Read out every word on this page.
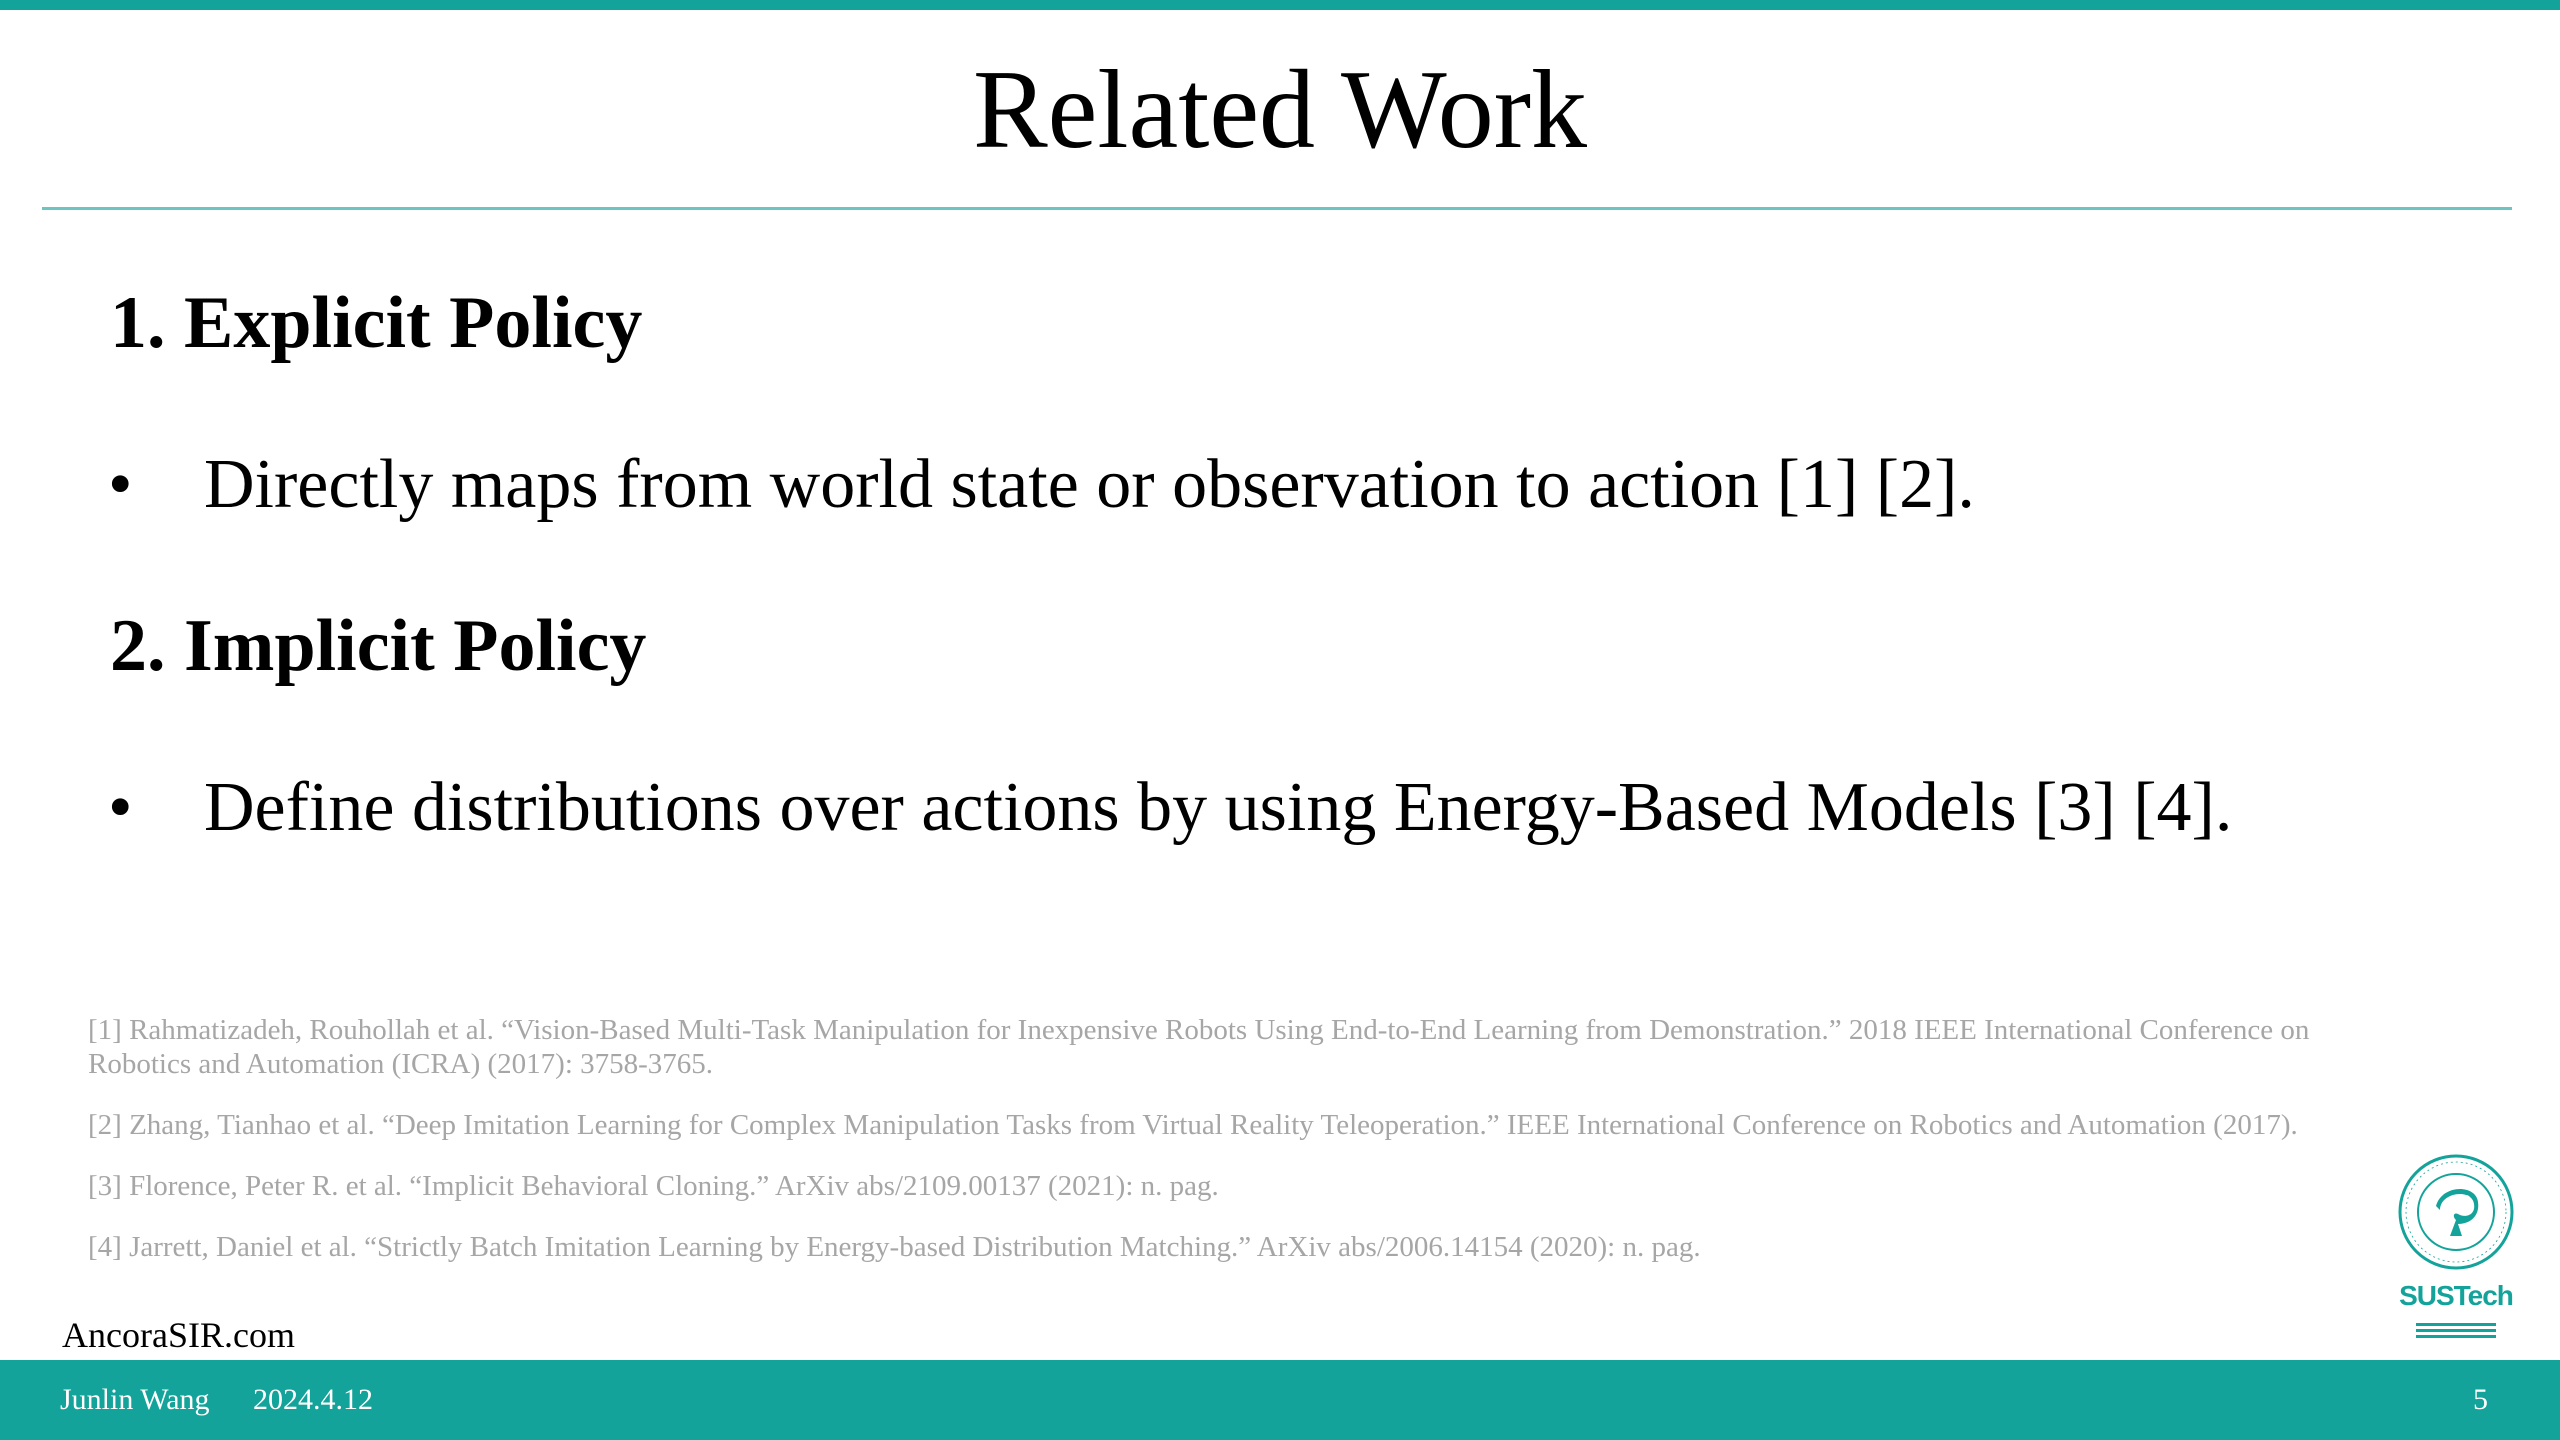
Related Work
1. Explicit Policy
• Directly maps from world state or observation to action [1] [2].
2. Implicit Policy
• Define distributions over actions by using Energy-Based Models [3] [4].

[1] Rahmatizadeh, Rouhollah et al. “Vision-Based Multi-Task Manipulation for Inexpensive Robots Using End-to-End Learning from Demonstration.” 2018 IEEE International Conference on Robotics and Automation (ICRA) (2017): 3758-3765.

[2] Zhang, Tianhao et al. “Deep Imitation Learning for Complex Manipulation Tasks from Virtual Reality Teleoperation.” IEEE International Conference on Robotics and Automation (2017).

[3] Florence, Peter R. et al. “Implicit Behavioral Cloning.” ArXiv abs/2109.00137 (2021): n. pag.

[4] Jarrett, Daniel et al. “Strictly Batch Imitation Learning by Energy-based Distribution Matching.” ArXiv abs/2006.14154 (2020): n. pag.

AncoraSIR.com
SUSTech
Junlin Wang 2024.4.12	5
